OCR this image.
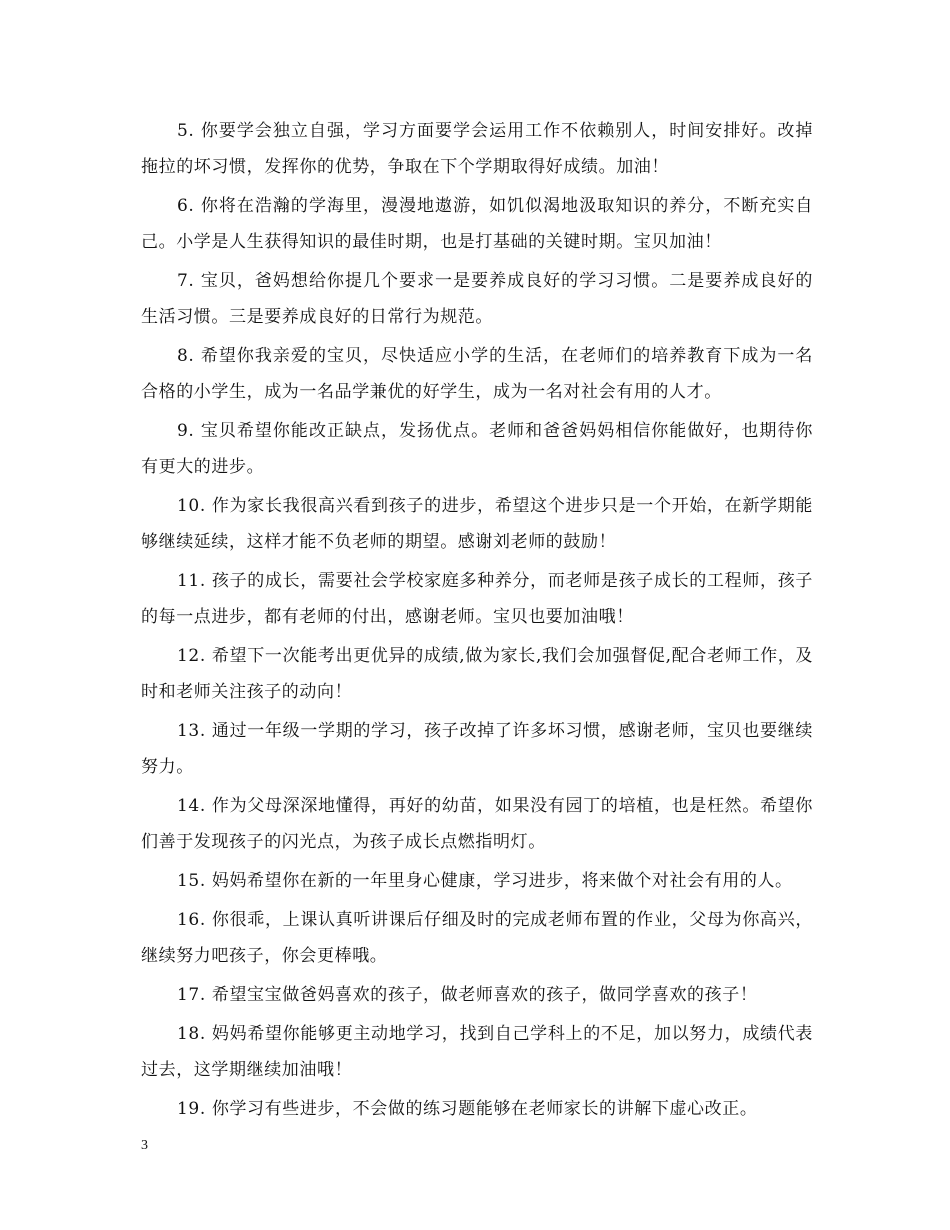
5. 你要学会独立自强，学习方面要学会运用工作不依赖别人，时间安排好。改掉拖拉的坏习惯，发挥你的优势，争取在下个学期取得好成绩。加油！

6. 你将在浩瀚的学海里，漫漫地遨游，如饥似渴地汲取知识的养分，不断充实自己。小学是人生获得知识的最佳时期，也是打基础的关键时期。宝贝加油！

7. 宝贝，爸妈想给你提几个要求一是要养成良好的学习习惯。二是要养成良好的生活习惯。三是要养成良好的日常行为规范。

8. 希望你我亲爱的宝贝，尽快适应小学的生活，在老师们的培养教育下成为一名合格的小学生，成为一名品学兼优的好学生，成为一名对社会有用的人才。

9. 宝贝希望你能改正缺点，发扬优点。老师和爸爸妈妈相信你能做好，也期待你有更大的进步。

10. 作为家长我很高兴看到孩子的进步，希望这个进步只是一个开始，在新学期能够继续延续，这样才能不负老师的期望。感谢刘老师的鼓励！

11. 孩子的成长，需要社会学校家庭多种养分，而老师是孩子成长的工程师，孩子的每一点进步，都有老师的付出，感谢老师。宝贝也要加油哦！

12. 希望下一次能考出更优异的成绩,做为家长,我们会加强督促,配合老师工作，及时和老师关注孩子的动向！

13. 通过一年级一学期的学习，孩子改掉了许多坏习惯，感谢老师，宝贝也要继续努力。

14. 作为父母深深地懂得，再好的幼苗，如果没有园丁的培植，也是枉然。希望你们善于发现孩子的闪光点，为孩子成长点燃指明灯。

15. 妈妈希望你在新的一年里身心健康，学习进步，将来做个对社会有用的人。

16. 你很乖，上课认真听讲课后仔细及时的完成老师布置的作业，父母为你高兴，继续努力吧孩子，你会更棒哦。

17. 希望宝宝做爸妈喜欢的孩子，做老师喜欢的孩子，做同学喜欢的孩子！

18. 妈妈希望你能够更主动地学习，找到自己学科上的不足，加以努力，成绩代表过去，这学期继续加油哦！

19. 你学习有些进步，不会做的练习题能够在老师家长的讲解下虚心改正。

3
